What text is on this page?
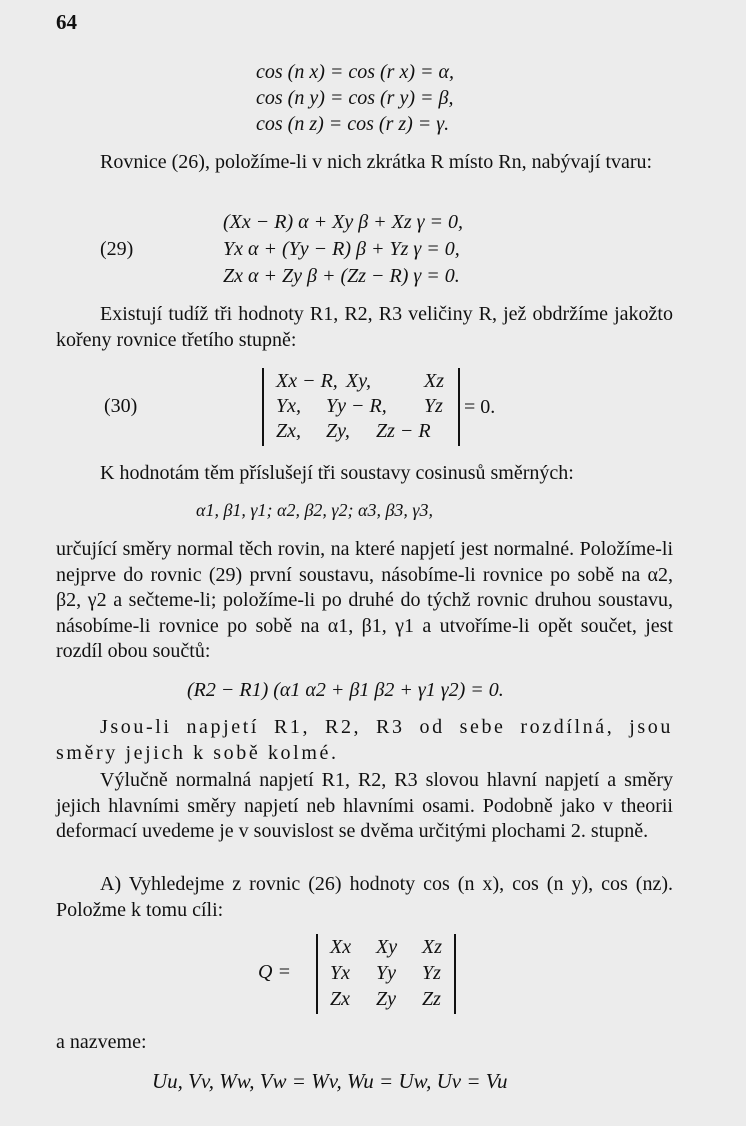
64
cos (n x) = cos (r x) = α,
cos (n y) = cos (r y) = β,
cos (n z) = cos (r z) = γ.
Rovnice (26), položíme-li v nich zkrátka R místo Rn, nabývají tvaru:
(29)
(Xx − R) α + Xy β + Xz γ = 0,
Yx α + (Yy − R) β + Yz γ = 0,
Zx α + Zy β + (Zz − R) γ = 0.
Existují tudíž tři hodnoty R1, R2, R3 veličiny R, jež obdržíme jakožto kořeny rovnice třetího stupně:
(30)
Xx − R, Xy,	Xz
Yx, Yy − R, Yz
Zx, Zy, Zz − R
= 0.
K hodnotám těm příslušejí tři soustavy cosinusů směrných:
α1, β1, γ1; α2, β2, γ2; α3, β3, γ3,
určující směry normal těch rovin, na které napjetí jest normalné. Položíme-li nejprve do rovnic (29) první soustavu, násobíme-li rovnice po sobě na α2, β2, γ2 a sečteme-li; položíme-li po druhé do týchž rovnic druhou soustavu, násobíme-li rovnice po sobě na α1, β1, γ1 a utvoříme-li opět součet, jest rozdíl obou součtů:
(R2 − R1) (α1 α2 + β1 β2 + γ1 γ2) = 0.
Jsou-li napjetí R1, R2, R3 od sebe rozdílná, jsou směry jejich k sobě kolmé.
Výlučně normalná napjetí R1, R2, R3 slovou hlavní napjetí a směry jejich hlavními směry napjetí neb hlavními osami. Podobně jako v theorii deformací uvedeme je v souvislost se dvěma určitými plochami 2. stupně.
A) Vyhledejme z rovnic (26) hodnoty cos (n x), cos (n y), cos (nz). Položme k tomu cíli:
Q =
Xx Xy Xz
Yx Yy Yz
Zx Zy Zz
a nazveme:
Uu, Vv, Ww, Vw = Wv, Wu = Uw, Uv = Vu
